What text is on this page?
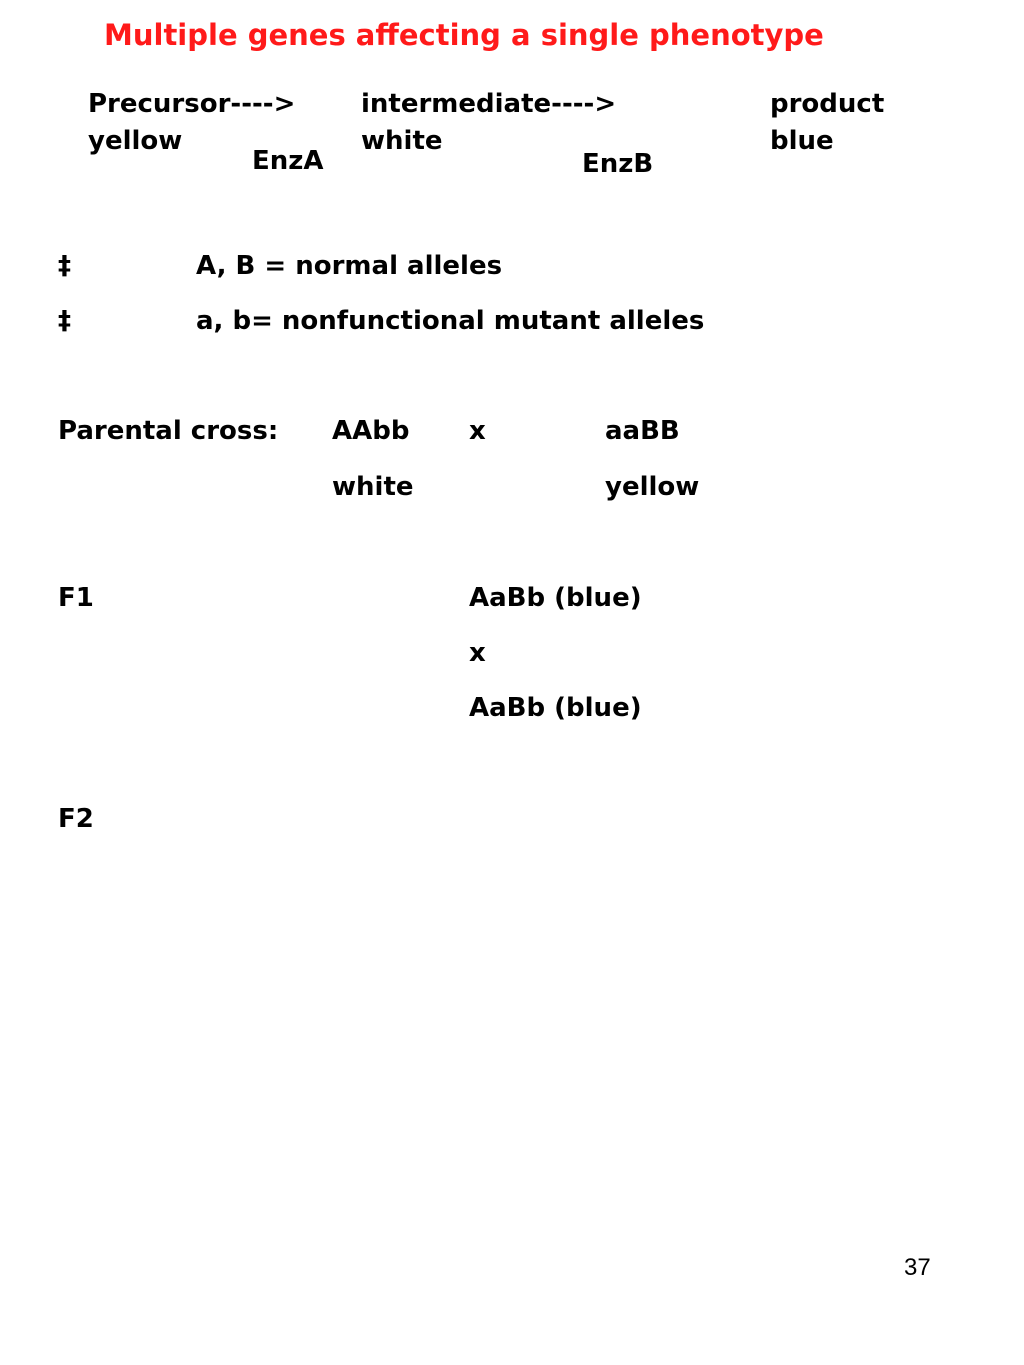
Multiple genes affecting a single phenotype
Precursor---->
yellow
EnzA
intermediate---->
white
EnzB
product
blue
‡	A, B = normal alleles
‡	a, b= nonfunctional mutant alleles
Parental cross: AAbb x	aaBB
white	yellow
F1	AaBb (blue)
x
AaBb (blue)
F2
37
